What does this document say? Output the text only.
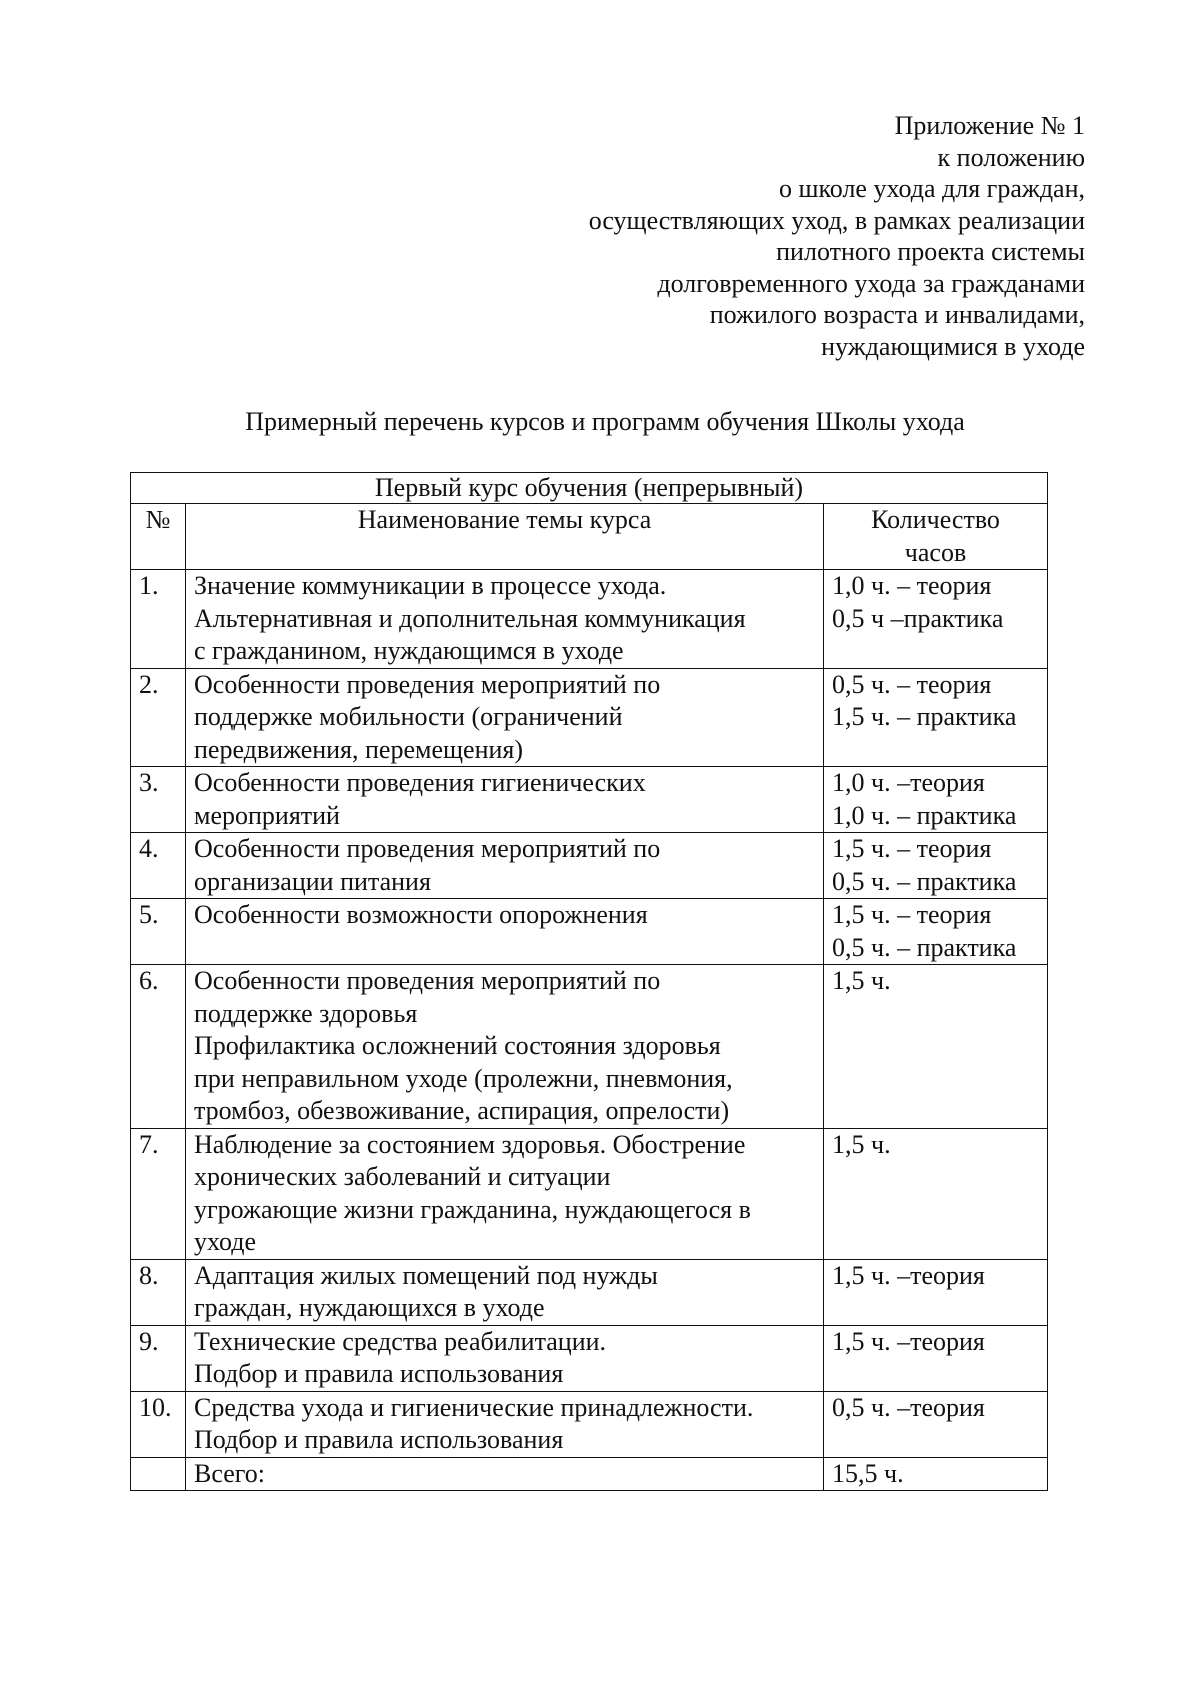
Приложение № 1
к положению
о школе ухода для граждан,
осуществляющих уход, в рамках реализации
пилотного проекта системы
долговременного ухода за гражданами
пожилого возраста и инвалидами,
нуждающимися в уходе
Примерный перечень курсов и программ обучения Школы ухода
Первый курс обучения (непрерывный)		
№	Наименование темы курса	Количество
часов

1.	Значение коммуникации в процессе ухода.
Альтернативная и дополнительная коммуникация
с гражданином, нуждающимся в уходе	1,0 ч. – теория
0,5 ч –практика

2.	Особенности проведения мероприятий по
поддержке мобильности (ограничений
передвижения, перемещения)	0,5 ч. – теория
1,5 ч. – практика

3.	Особенности проведения гигиенических
мероприятий	1,0 ч. –теория
1,0 ч. – практика

4.	Особенности проведения мероприятий по
организации питания	1,5 ч. – теория
0,5 ч. – практика

5.	Особенности возможности опорожнения	1,5 ч. – теория
0,5 ч. – практика

6.	Особенности проведения мероприятий по
поддержке здоровья
Профилактика осложнений состояния здоровья
при неправильном уходе (пролежни, пневмония,
тромбоз, обезвоживание, аспирация, опрелости)	1,5 ч.

7.	Наблюдение за состоянием здоровья. Обострение
хронических заболеваний и ситуации
угрожающие жизни гражданина, нуждающегося в
уходе	1,5 ч.

8.	Адаптация жилых помещений под нужды
граждан, нуждающихся в уходе	1,5 ч. –теория

9.	Технические средства реабилитации.
Подбор и правила использования	1,5 ч. –теория

10.	Средства ухода и гигиенические принадлежности.
Подбор и правила использования	0,5 ч. –теория

	Всего:	15,5 ч.
